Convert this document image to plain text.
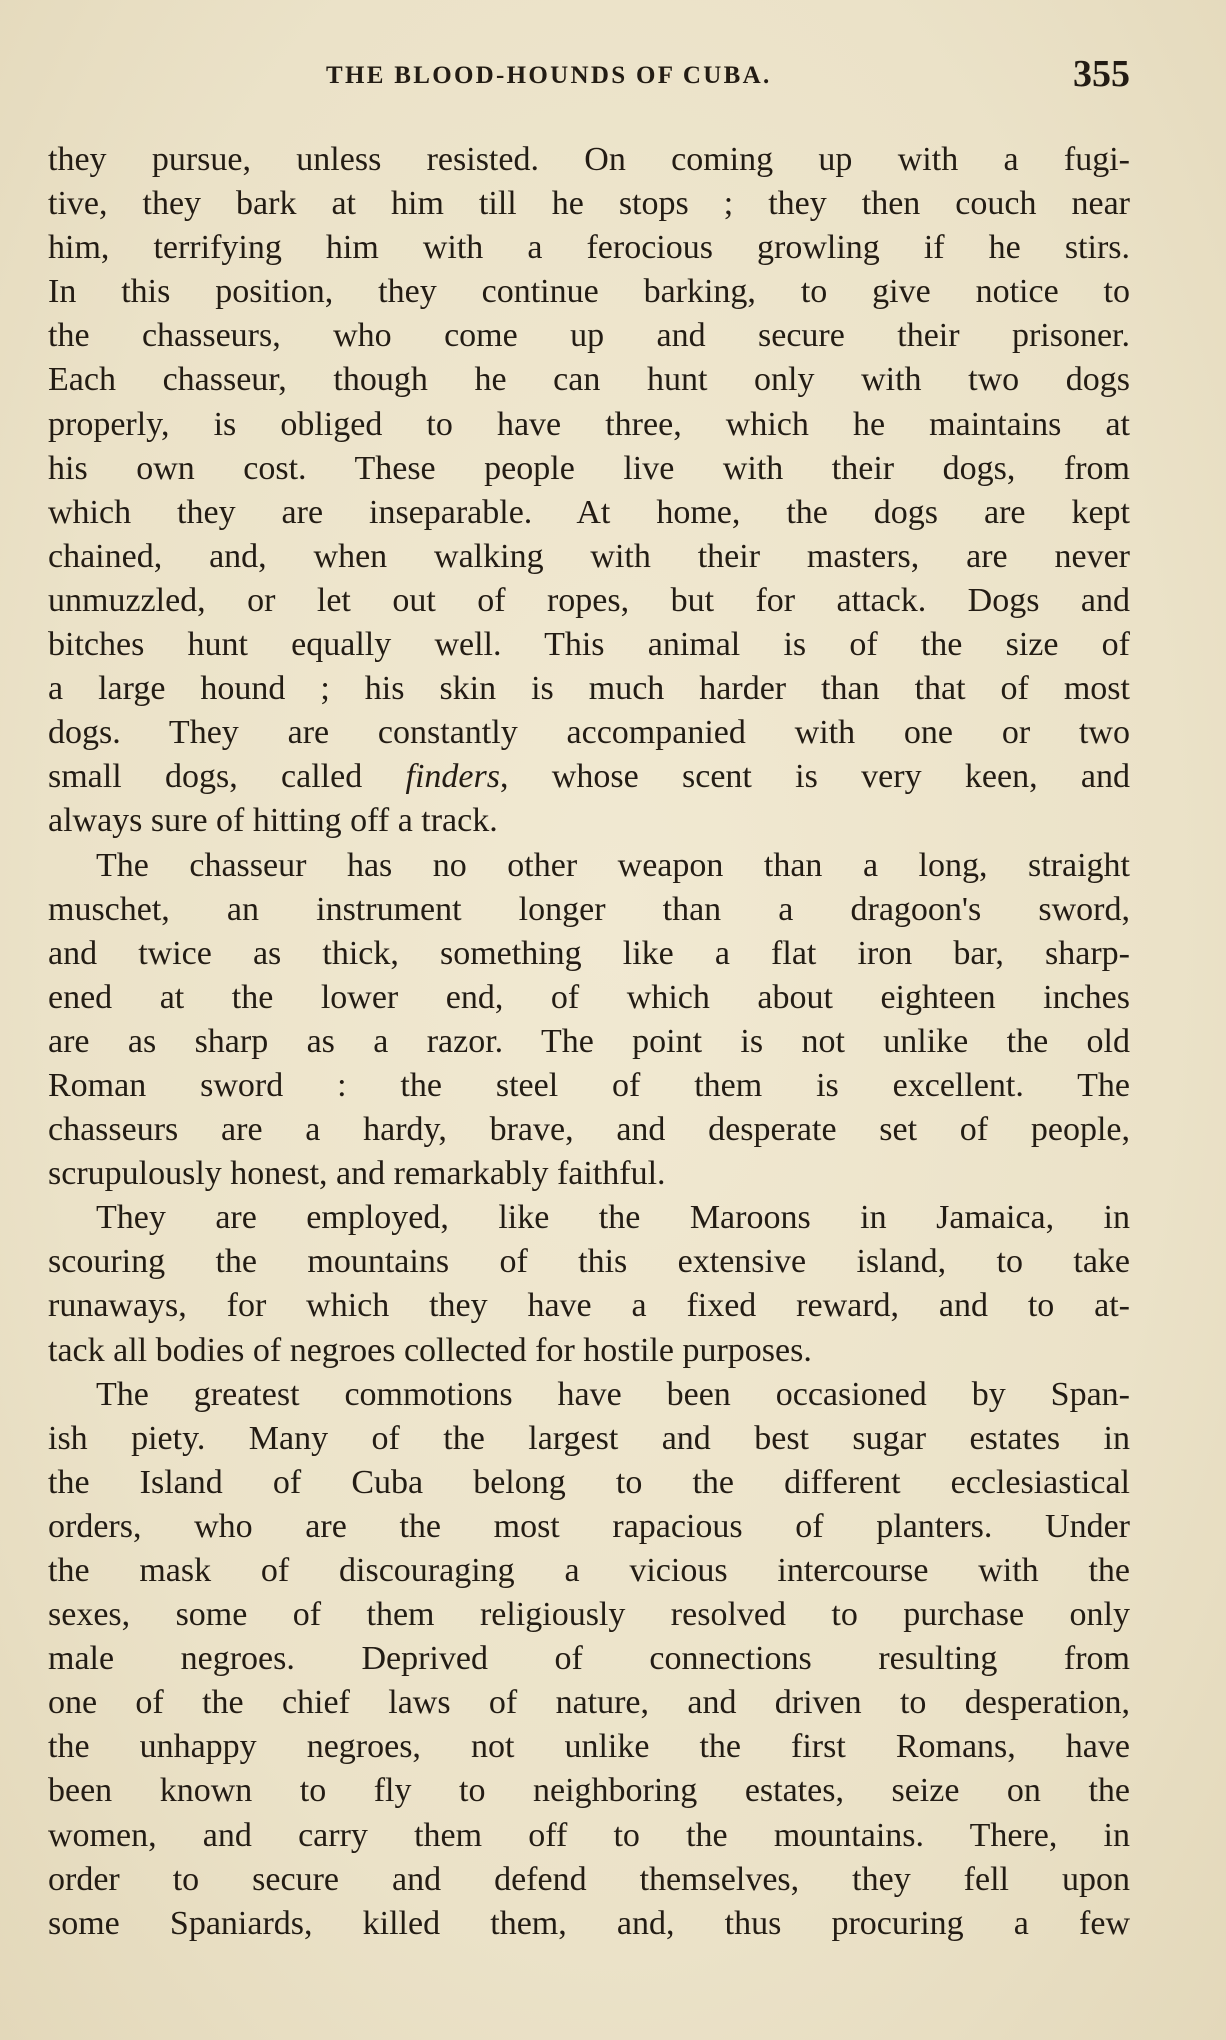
THE BLOOD-HOUNDS OF CUBA.	355
they pursue, unless resisted. On coming up with a fugi-
tive, they bark at him till he stops ; they then couch near
him, terrifying him with a ferocious growling if he stirs.
In this position, they continue barking, to give notice to
the chasseurs, who come up and secure their prisoner.
Each chasseur, though he can hunt only with two dogs
properly, is obliged to have three, which he maintains at
his own cost. These people live with their dogs, from
which they are inseparable. At home, the dogs are kept
chained, and, when walking with their masters, are never
unmuzzled, or let out of ropes, but for attack. Dogs and
bitches hunt equally well. This animal is of the size of
a large hound ; his skin is much harder than that of most
dogs. They are constantly accompanied with one or two
small dogs, called finders, whose scent is very keen, and
always sure of hitting off a track.
The chasseur has no other weapon than a long, straight
muschet, an instrument longer than a dragoon's sword,
and twice as thick, something like a flat iron bar, sharp-
ened at the lower end, of which about eighteen inches
are as sharp as a razor. The point is not unlike the old
Roman sword : the steel of them is excellent. The
chasseurs are a hardy, brave, and desperate set of people,
scrupulously honest, and remarkably faithful.
They are employed, like the Maroons in Jamaica, in
scouring the mountains of this extensive island, to take
runaways, for which they have a fixed reward, and to at-
tack all bodies of negroes collected for hostile purposes.
The greatest commotions have been occasioned by Span-
ish piety. Many of the largest and best sugar estates in
the Island of Cuba belong to the different ecclesiastical
orders, who are the most rapacious of planters. Under
the mask of discouraging a vicious intercourse with the
sexes, some of them religiously resolved to purchase only
male negroes. Deprived of connections resulting from
one of the chief laws of nature, and driven to desperation,
the unhappy negroes, not unlike the first Romans, have
been known to fly to neighboring estates, seize on the
women, and carry them off to the mountains. There, in
order to secure and defend themselves, they fell upon
some Spaniards, killed them, and, thus procuring a few
